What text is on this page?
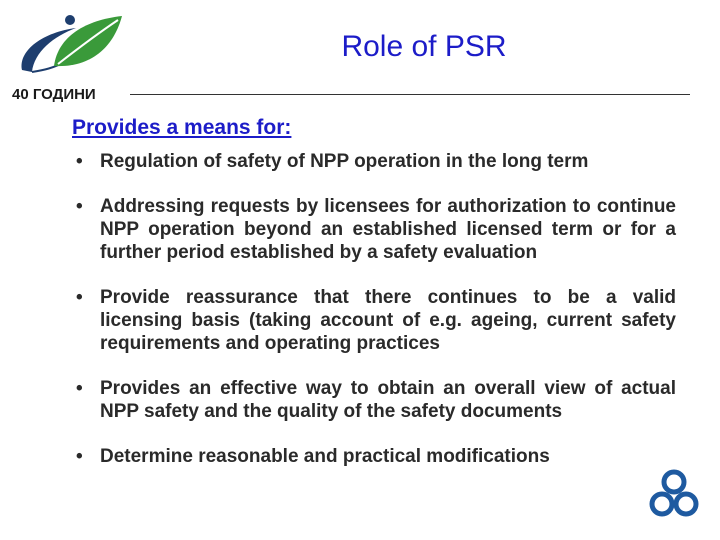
40 ГОДИНИ
Role of PSR
Provides a means for:
• Regulation of safety of NPP operation in the long term
• Addressing requests by licensees for authorization to continue NPP operation beyond an established licensed term or for a further period established by a safety evaluation
• Provide reassurance that there continues to be a valid licensing basis (taking account of e.g. ageing, current safety requirements and operating practices
• Provides an effective way to obtain an overall view of actual NPP safety and the quality of the safety documents
• Determine reasonable and practical modifications
